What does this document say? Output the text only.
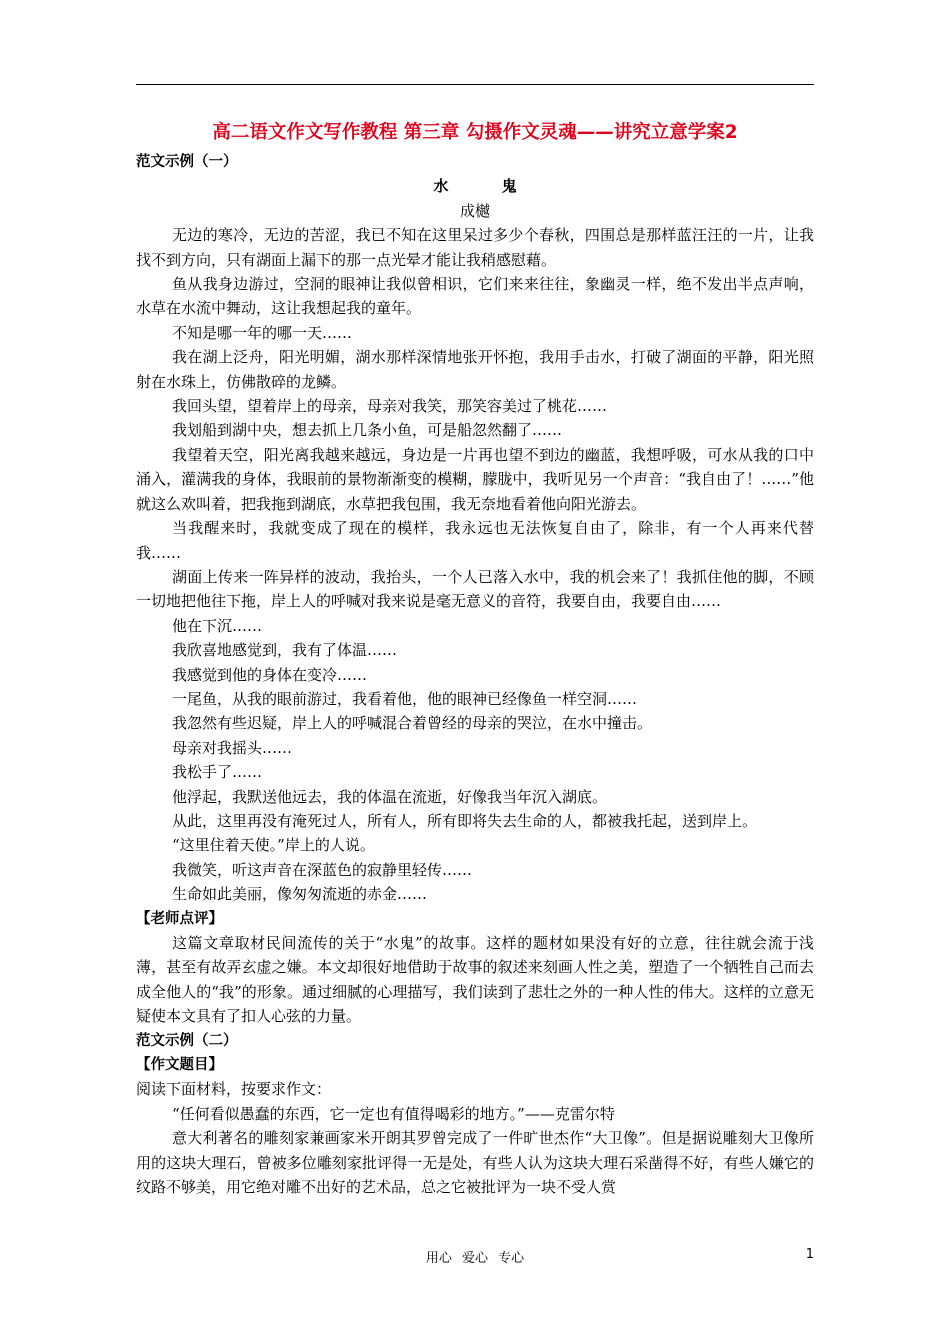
高二语文作文写作教程 第三章 勾摄作文灵魂——讲究立意学案2

范文示例（一）

水 鬼

成樾

无边的寒冷，无边的苦涩，我已不知在这里呆过多少个春秋，四围总是那样蓝汪汪的一片，让我找不到方向，只有湖面上漏下的那一点光晕才能让我稍感慰藉。

鱼从我身边游过，空洞的眼神让我似曾相识，它们来来往往，象幽灵一样，绝不发出半点声响，水草在水流中舞动，这让我想起我的童年。

不知是哪一年的哪一天……

我在湖上泛舟，阳光明媚，湖水那样深情地张开怀抱，我用手击水，打破了湖面的平静，阳光照射在水珠上，仿佛散碎的龙鳞。

我回头望，望着岸上的母亲，母亲对我笑，那笑容美过了桃花……

我划船到湖中央，想去抓上几条小鱼，可是船忽然翻了……

我望着天空，阳光离我越来越远，身边是一片再也望不到边的幽蓝，我想呼吸，可水从我的口中涌入，灌满我的身体，我眼前的景物渐渐变的模糊，朦胧中，我听见另一个声音：“我自由了！……”他就这么欢叫着，把我拖到湖底，水草把我包围，我无奈地看着他向阳光游去。

当我醒来时，我就变成了现在的模样，我永远也无法恢复自由了，除非，有一个人再来代替我……

湖面上传来一阵异样的波动，我抬头，一个人已落入水中，我的机会来了！我抓住他的脚，不顾一切地把他往下拖，岸上人的呼喊对我来说是毫无意义的音符，我要自由，我要自由……

他在下沉……

我欣喜地感觉到，我有了体温……

我感觉到他的身体在变冷……

一尾鱼，从我的眼前游过，我看着他，他的眼神已经像鱼一样空洞……

我忽然有些迟疑，岸上人的呼喊混合着曾经的母亲的哭泣，在水中撞击。

母亲对我摇头……

我松手了……

他浮起，我默送他远去，我的体温在流逝，好像我当年沉入湖底。

从此，这里再没有淹死过人，所有人，所有即将失去生命的人，都被我托起，送到岸上。

“这里住着天使。”岸上的人说。

我微笑，听这声音在深蓝色的寂静里轻传……

生命如此美丽，像匆匆流逝的赤金……

【老师点评】

这篇文章取材民间流传的关于“水鬼”的故事。这样的题材如果没有好的立意，往往就会流于浅薄，甚至有故弄玄虚之嫌。本文却很好地借助于故事的叙述来刻画人性之美，塑造了一个牺牲自己而去成全他人的“我”的形象。通过细腻的心理描写，我们读到了悲壮之外的一种人性的伟大。这样的立意无疑使本文具有了扣人心弦的力量。

范文示例（二）

【作文题目】

阅读下面材料，按要求作文：

“任何看似愚蠢的东西，它一定也有值得喝彩的地方。”——克雷尔特

意大利著名的雕刻家兼画家米开朗其罗曾完成了一件旷世杰作“大卫像”。但是据说雕刻大卫像所用的这块大理石，曾被多位雕刻家批评得一无是处，有些人认为这块大理石采凿得不好，有些人嫌它的纹路不够美，用它绝对雕不出好的艺术品，总之它被批评为一块不受人赏

用心 爱心 专心	1
